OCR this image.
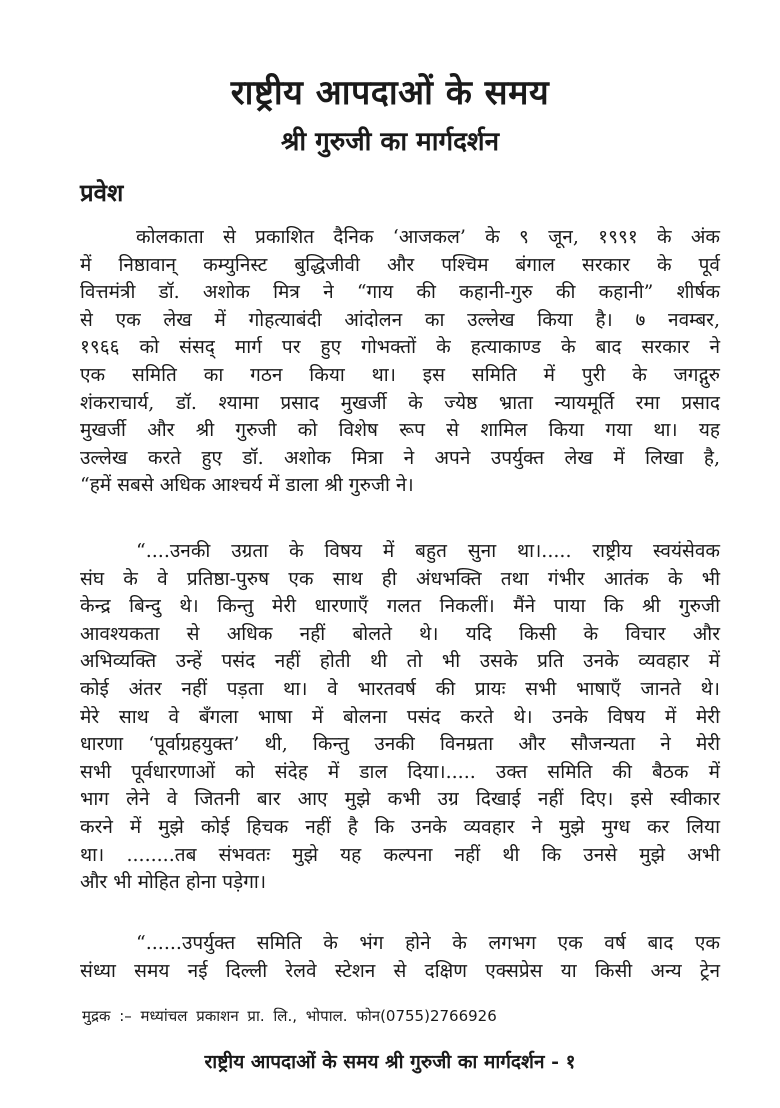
राष्ट्रीय आपदाओं के समय
श्री गुरुजी का मार्गदर्शन
प्रवेश
कोलकाता से प्रकाशित दैनिक ‘आजकल’ के ९ जून, १९९१ के अंक
में निष्ठावान् कम्युनिस्ट बुद्धिजीवी और पश्चिम बंगाल सरकार के पूर्व
वित्तमंत्री डॉ. अशोक मित्र ने “गाय की कहानी-गुरु की कहानी” शीर्षक
से एक लेख में गोहत्याबंदी आंदोलन का उल्लेख किया है। ७ नवम्बर,
१९६६ को संसद् मार्ग पर हुए गोभक्तों के हत्याकाण्ड के बाद सरकार ने
एक समिति का गठन किया था। इस समिति में पुरी के जगद्गुरु
शंकराचार्य, डॉ. श्यामा प्रसाद मुखर्जी के ज्येष्ठ भ्राता न्यायमूर्ति रमा प्रसाद
मुखर्जी और श्री गुरुजी को विशेष रूप से शामिल किया गया था। यह
उल्लेख करते हुए डॉ. अशोक मित्रा ने अपने उपर्युक्त लेख में लिखा है,
“हमें सबसे अधिक आश्चर्य में डाला श्री गुरुजी ने।
“....उनकी उग्रता के विषय में बहुत सुना था।..... राष्ट्रीय स्वयंसेवक
संघ के वे प्रतिष्ठा-पुरुष एक साथ ही अंधभक्ति तथा गंभीर आतंक के भी
केन्द्र बिन्दु थे। किन्तु मेरी धारणाएँ गलत निकलीं। मैंने पाया कि श्री गुरुजी
आवश्यकता से अधिक नहीं बोलते थे। यदि किसी के विचार और
अभिव्यक्ति उन्हें पसंद नहीं होती थी तो भी उसके प्रति उनके व्यवहार में
कोई अंतर नहीं पड़ता था। वे भारतवर्ष की प्रायः सभी भाषाएँ जानते थे।
मेरे साथ वे बँगला भाषा में बोलना पसंद करते थे। उनके विषय में मेरी
धारणा ‘पूर्वाग्रहयुक्त’ थी, किन्तु उनकी विनम्रता और सौजन्यता ने मेरी
सभी पूर्वधारणाओं को संदेह में डाल दिया।..... उक्त समिति की बैठक में
भाग लेने वे जितनी बार आए मुझे कभी उग्र दिखाई नहीं दिए। इसे स्वीकार
करने में मुझे कोई हिचक नहीं है कि उनके व्यवहार ने मुझे मुग्ध कर लिया
था। ........तब संभवतः मुझे यह कल्पना नहीं थी कि उनसे मुझे अभी
और भी मोहित होना पड़ेगा।
“......उपर्युक्त समिति के भंग होने के लगभग एक वर्ष बाद एक
संध्या समय नई दिल्ली रेलवे स्टेशन से दक्षिण एक्सप्रेस या किसी अन्य ट्रेन
मुद्रक :– मध्यांचल प्रकाशन प्रा. लि., भोपाल. फोन(0755)2766926
राष्ट्रीय आपदाओं के समय श्री गुरुजी का मार्गदर्शन - १
